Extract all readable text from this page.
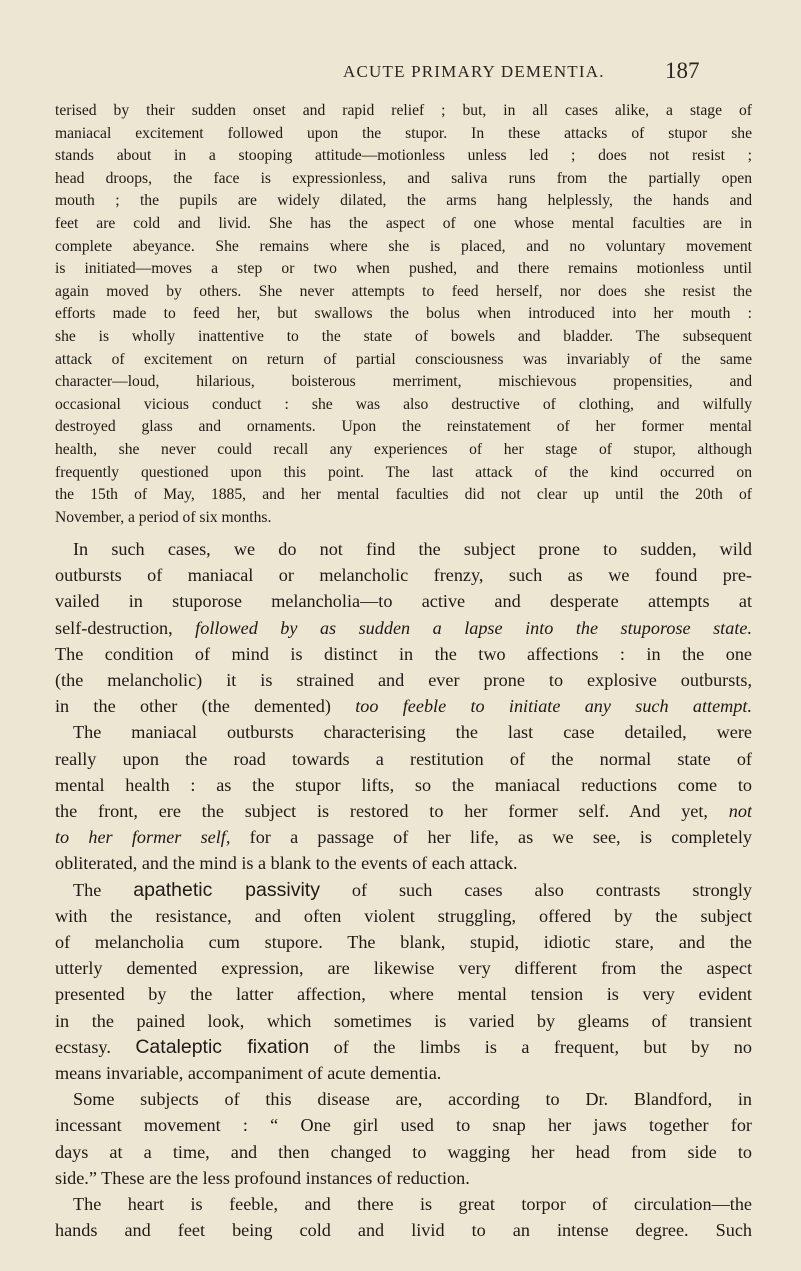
ACUTE PRIMARY DEMENTIA.	187
terised by their sudden onset and rapid relief ; but, in all cases alike, a stage of
maniacal excitement followed upon the stupor. In these attacks of stupor she
stands about in a stooping attitude—motionless unless led ; does not resist ;
head droops, the face is expressionless, and saliva runs from the partially open
mouth ; the pupils are widely dilated, the arms hang helplessly, the hands and
feet are cold and livid. She has the aspect of one whose mental faculties are in
complete abeyance. She remains where she is placed, and no voluntary movement
is initiated—moves a step or two when pushed, and there remains motionless until
again moved by others. She never attempts to feed herself, nor does she resist the
efforts made to feed her, but swallows the bolus when introduced into her mouth :
she is wholly inattentive to the state of bowels and bladder. The subsequent
attack of excitement on return of partial consciousness was invariably of the same
character—loud, hilarious, boisterous merriment, mischievous propensities, and
occasional vicious conduct : she was also destructive of clothing, and wilfully
destroyed glass and ornaments. Upon the reinstatement of her former mental
health, she never could recall any experiences of her stage of stupor, although
frequently questioned upon this point. The last attack of the kind occurred on
the 15th of May, 1885, and her mental faculties did not clear up until the 20th of
November, a period of six months.
In such cases, we do not find the subject prone to sudden, wild
outbursts of maniacal or melancholic frenzy, such as we found pre-
vailed in stuporose melancholia—to active and desperate attempts at
self-destruction, followed by as sudden a lapse into the stuporose state.
The condition of mind is distinct in the two affections : in the one
(the melancholic) it is strained and ever prone to explosive outbursts,
in the other (the demented) too feeble to initiate any such attempt.
The maniacal outbursts characterising the last case detailed, were
really upon the road towards a restitution of the normal state of
mental health : as the stupor lifts, so the maniacal reductions come to
the front, ere the subject is restored to her former self. And yet, not
to her former self, for a passage of her life, as we see, is completely
obliterated, and the mind is a blank to the events of each attack.
The apathetic passivity of such cases also contrasts strongly
with the resistance, and often violent struggling, offered by the subject
of melancholia cum stupore. The blank, stupid, idiotic stare, and the
utterly demented expression, are likewise very different from the aspect
presented by the latter affection, where mental tension is very evident
in the pained look, which sometimes is varied by gleams of transient
ecstasy. Cataleptic fixation of the limbs is a frequent, but by no
means invariable, accompaniment of acute dementia.
Some subjects of this disease are, according to Dr. Blandford, in
incessant movement : “ One girl used to snap her jaws together for
days at a time, and then changed to wagging her head from side to
side.” These are the less profound instances of reduction.
The heart is feeble, and there is great torpor of circulation—the
hands and feet being cold and livid to an intense degree. Such
